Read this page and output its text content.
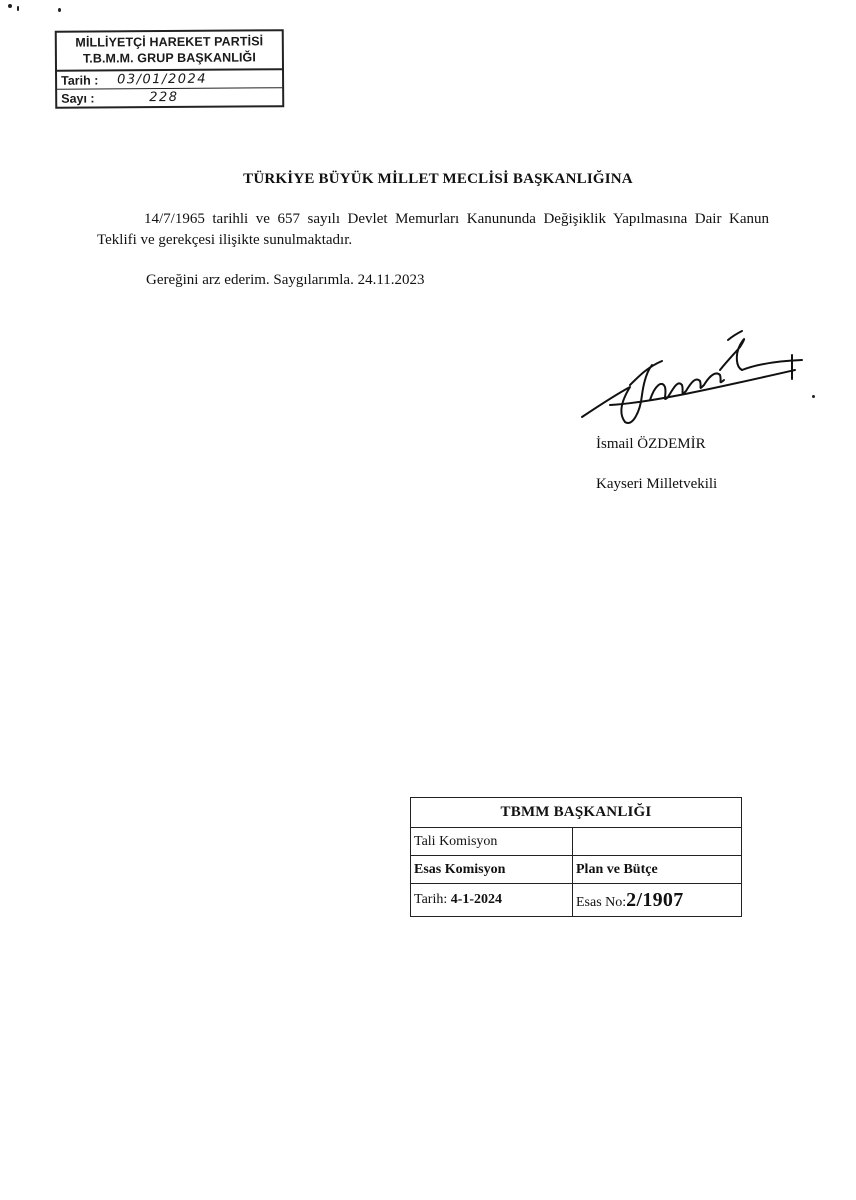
MİLLİYETÇİ HAREKET PARTİSİ
T.B.M.M. GRUP BAŞKANLIĞI
Tarih :	03/01/2024
Sayı :	228
TÜRKİYE BÜYÜK MİLLET MECLİSİ BAŞKANLIĞINA
14/7/1965 tarihli ve 657 sayılı Devlet Memurları Kanununda Değişiklik Yapılmasına Dair Kanun Teklifi ve gerekçesi ilişikte sunulmaktadır.
Gereğini arz ederim. Saygılarımla. 24.11.2023
İsmail ÖZDEMİR
Kayseri Milletvekili
TBMM BAŞKANLIĞI	
Tali Komisyon	
Esas Komisyon	Plan ve Bütçe
Tarih: 4-1-2024	Esas No:2/1907
